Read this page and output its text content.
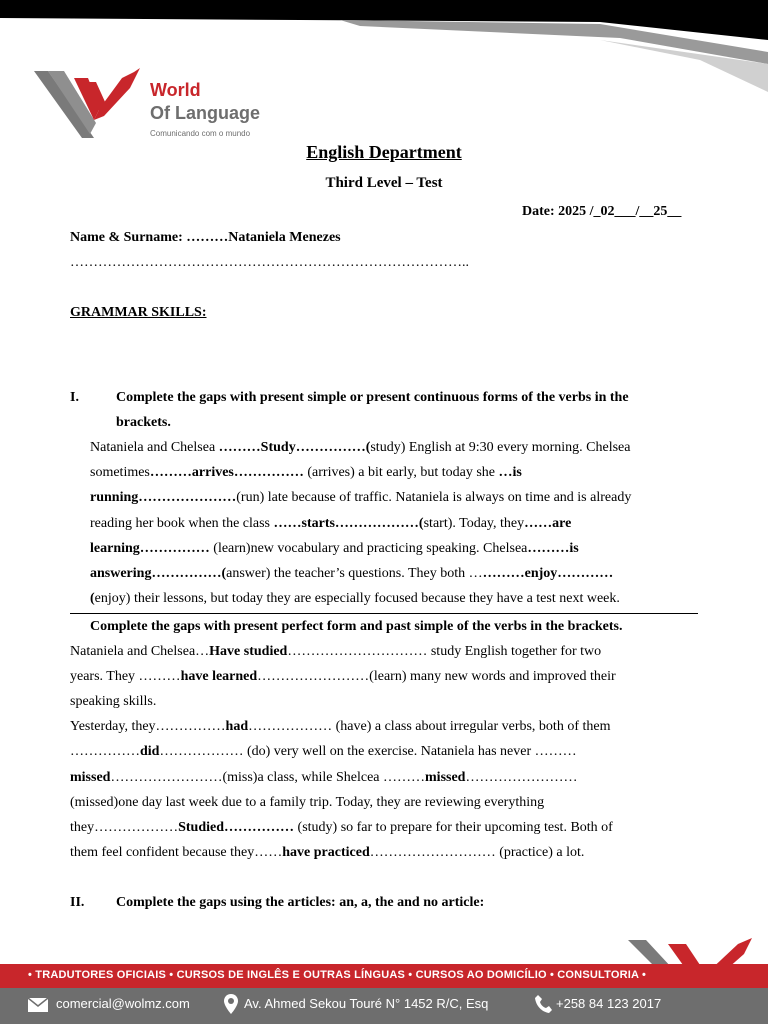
World
Of Language
Comunicando com o mundo
English Department
Third Level – Test
Date: 2025 /_02___/__25__
Name & Surname: ………Nataniela Menezes
…………………………………………………………………………..
GRAMMAR SKILLS:
I.	Complete the gaps with present simple or present continuous forms of the verbs in the
brackets.
Nataniela and Chelsea ………Study……………(study) English at 9:30 every morning. Chelsea
sometimes………arrives…………… (arrives) a bit early, but today she …is
running…………………(run) late because of traffic. Nataniela is always on time and is already
reading her book when the class ……starts………………(start). Today, they……are
learning…………… (learn)new vocabulary and practicing speaking. Chelsea………is
answering……………(answer) the teacher’s questions. They both …………enjoy…………
(enjoy) their lessons, but today they are especially focused because they have a test next week.
Complete the gaps with present perfect form and past simple of the verbs in the brackets.
Nataniela and Chelsea…Have studied………………………… study English together for two
years. They ………have learned……………………(learn) many new words and improved their
speaking skills.
Yesterday, they……………had……………… (have) a class about irregular verbs, both of them
……………did……………… (do) very well on the exercise. Nataniela has never ………
missed……………………(miss)a class, while Shelcea ………missed……………………
(missed)one day last week due to a family trip. Today, they are reviewing everything
they………………Studied…………… (study) so far to prepare for their upcoming test. Both of
them feel confident because they……have practiced……………………… (practice) a lot.
II. Complete the gaps using the articles: an, a, the and no article:
• TRADUTORES OFICIAIS • CURSOS DE INGLÊS E OUTRAS LÍNGUAS • CURSOS AO DOMICÍLIO • CONSULTORIA •
comercial@wolmz.com	Av. Ahmed Sekou Touré N° 1452 R/C, Esq	+258 84 123 2017
